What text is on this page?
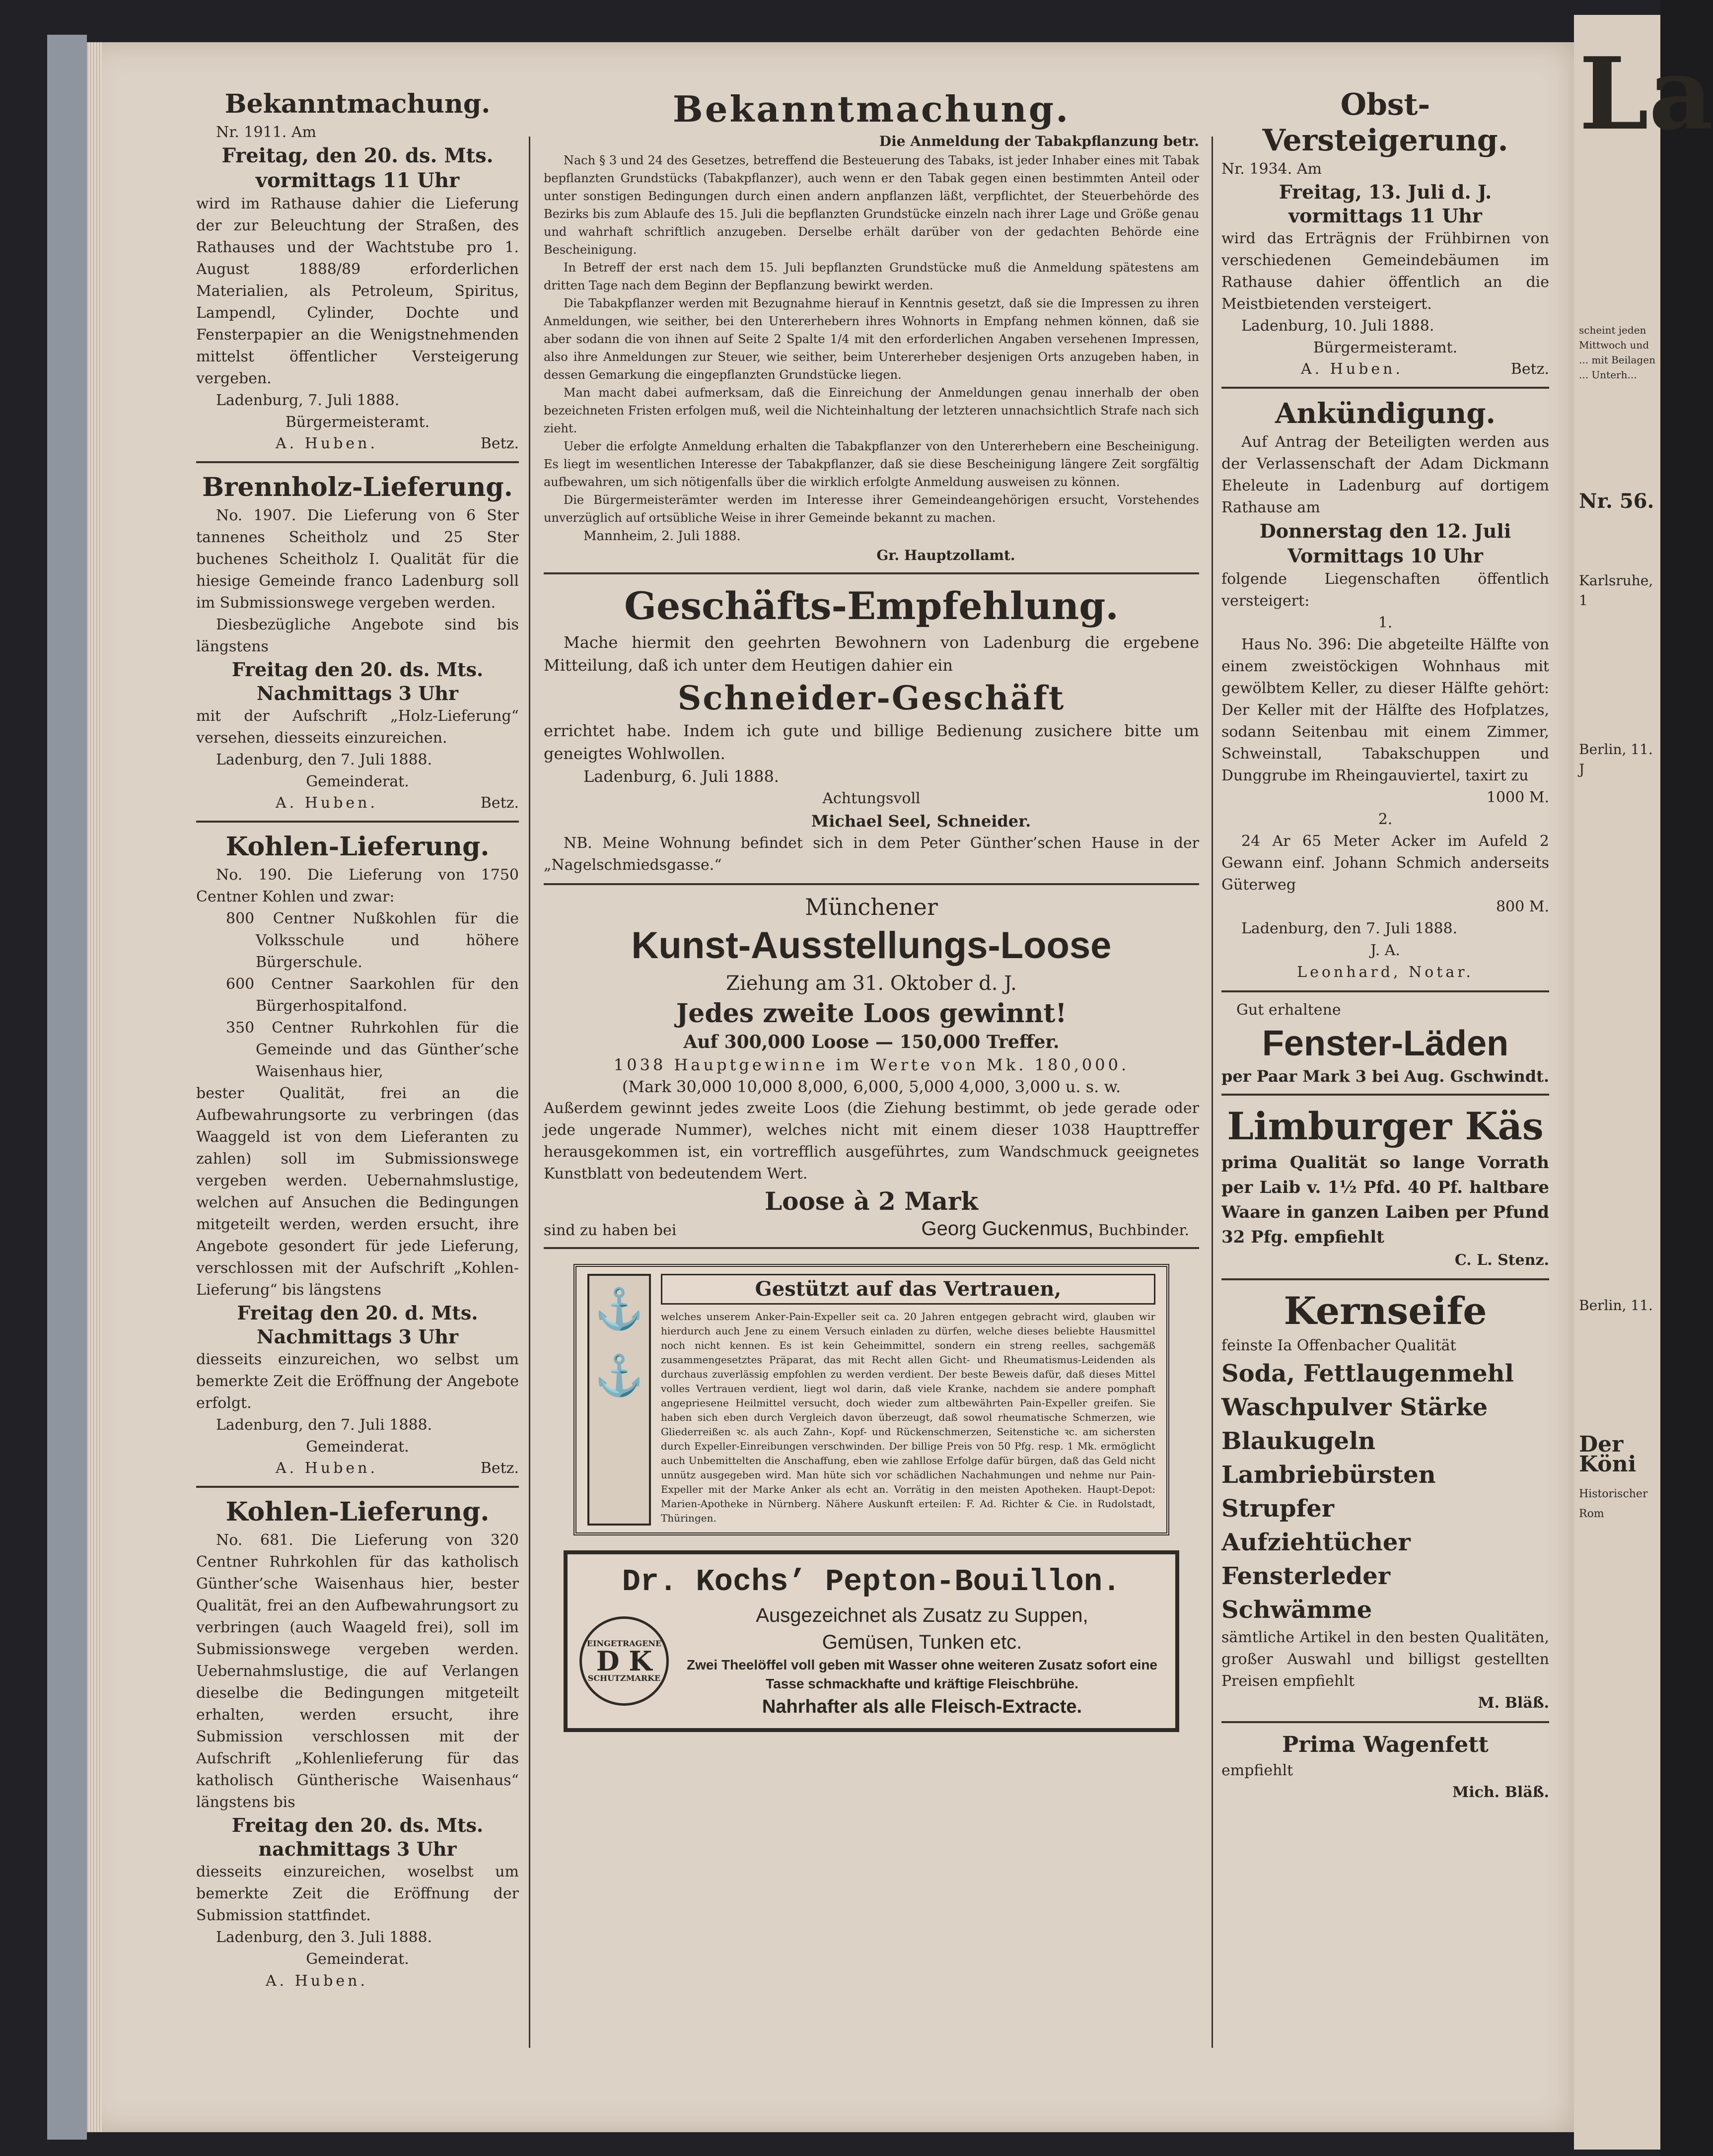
Bekanntmachung.
Nr. 1911. Am
Freitag, den 20. ds. Mts. vormittags 11 Uhr
wird im Rathause dahier die Lieferung der zur Beleuchtung der Straßen, des Rathauses und der Wachtstube pro 1. August 1888/89 erforderlichen Materialien, als Petroleum, Spiritus, Lampendl, Cylinder, Dochte und Fensterpapier an die Wenigstnehmenden mittelst öffentlicher Versteigerung vergeben.
Ladenburg, 7. Juli 1888.
Bürgermeisteramt.
A. Huben.	Betz.
Brennholz-Lieferung.
No. 1907. Die Lieferung von 6 Ster tannenes Scheitholz und 25 Ster buchenes Scheitholz I. Qualität für die hiesige Gemeinde franco Ladenburg soll im Submissionswege vergeben werden.
Diesbezügliche Angebote sind bis längstens
Freitag den 20. ds. Mts. Nachmittags 3 Uhr
mit der Aufschrift „Holz-Lieferung“ versehen, diesseits einzureichen.
Ladenburg, den 7. Juli 1888.
Gemeinderat.
A. Huben.	Betz.
Kohlen-Lieferung.
No. 190. Die Lieferung von 1750 Centner Kohlen und zwar:
800 Centner Nußkohlen für die Volksschule und höhere Bürgerschule.
600 Centner Saarkohlen für den Bürgerhospitalfond.
350 Centner Ruhrkohlen für die Gemeinde und das Günther’sche Waisenhaus hier,
bester Qualität, frei an die Aufbewahrungsorte zu verbringen (das Waaggeld ist von dem Lieferanten zu zahlen) soll im Submissionswege vergeben werden. Uebernahmslustige, welchen auf Ansuchen die Bedingungen mitgeteilt werden, werden ersucht, ihre Angebote gesondert für jede Lieferung, verschlossen mit der Aufschrift „Kohlen-Lieferung“ bis längstens
Freitag den 20. d. Mts. Nachmittags 3 Uhr
diesseits einzureichen, wo selbst um bemerkte Zeit die Eröffnung der Angebote erfolgt.
Ladenburg, den 7. Juli 1888.
Gemeinderat.
A. Huben.	Betz.
Kohlen-Lieferung.
No. 681. Die Lieferung von 320 Centner Ruhrkohlen für das katholisch Günther’sche Waisenhaus hier, bester Qualität, frei an den Aufbewahrungsort zu verbringen (auch Waageld frei), soll im Submissionswege vergeben werden. Uebernahmslustige, die auf Verlangen dieselbe die Bedingungen mitgeteilt erhalten, werden ersucht, ihre Submission verschlossen mit der Aufschrift „Kohlenlieferung für das katholisch Güntherische Waisenhaus“ längstens bis
Freitag den 20. ds. Mts. nachmittags 3 Uhr
diesseits einzureichen, woselbst um bemerkte Zeit die Eröffnung der Submission stattfindet.
Ladenburg, den 3. Juli 1888.
Gemeinderat.
A. Huben.
Bekanntmachung.
Die Anmeldung der Tabakpflanzung betr.
Nach § 3 und 24 des Gesetzes, betreffend die Besteuerung des Tabaks, ist jeder Inhaber eines mit Tabak bepflanzten Grundstücks (Tabakpflanzer), auch wenn er den Tabak gegen einen bestimmten Anteil oder unter sonstigen Bedingungen durch einen andern anpflanzen läßt, verpflichtet, der Steuerbehörde des Bezirks bis zum Ablaufe des 15. Juli die bepflanzten Grundstücke einzeln nach ihrer Lage und Größe genau und wahrhaft schriftlich anzugeben. Derselbe erhält darüber von der gedachten Behörde eine Bescheinigung.
In Betreff der erst nach dem 15. Juli bepflanzten Grundstücke muß die Anmeldung spätestens am dritten Tage nach dem Beginn der Bepflanzung bewirkt werden.
Die Tabakpflanzer werden mit Bezugnahme hierauf in Kenntnis gesetzt, daß sie die Impressen zu ihren Anmeldungen, wie seither, bei den Untererhebern ihres Wohnorts in Empfang nehmen können, daß sie aber sodann die von ihnen auf Seite 2 Spalte 1/4 mit den erforderlichen Angaben versehenen Impressen, also ihre Anmeldungen zur Steuer, wie seither, beim Untererheber desjenigen Orts anzugeben haben, in dessen Gemarkung die eingepflanzten Grundstücke liegen.
Man macht dabei aufmerksam, daß die Einreichung der Anmeldungen genau innerhalb der oben bezeichneten Fristen erfolgen muß, weil die Nichteinhaltung der letzteren unnachsichtlich Strafe nach sich zieht.
Ueber die erfolgte Anmeldung erhalten die Tabakpflanzer von den Untererhebern eine Bescheinigung. Es liegt im wesentlichen Interesse der Tabakpflanzer, daß sie diese Bescheinigung längere Zeit sorgfältig aufbewahren, um sich nötigenfalls über die wirklich erfolgte Anmeldung ausweisen zu können.
Die Bürgermeisterämter werden im Interesse ihrer Gemeindeangehörigen ersucht, Vorstehendes unverzüglich auf ortsübliche Weise in ihrer Gemeinde bekannt zu machen.
Mannheim, 2. Juli 1888.
Gr. Hauptzollamt.
Geschäfts-Empfehlung.
Mache hiermit den geehrten Bewohnern von Ladenburg die ergebene Mitteilung, daß ich unter dem Heutigen dahier ein
Schneider-Geschäft
errichtet habe. Indem ich gute und billige Bedienung zusichere bitte um geneigtes Wohlwollen.
Ladenburg, 6. Juli 1888.
Achtungsvoll
Michael Seel, Schneider.
NB. Meine Wohnung befindet sich in dem Peter Günther’schen Hause in der „Nagelschmiedsgasse.“
Münchener
Kunst-Ausstellungs-Loose
Ziehung am 31. Oktober d. J.
Jedes zweite Loos gewinnt!
Auf 300,000 Loose — 150,000 Treffer.
1038 Hauptgewinne im Werte von Mk. 180,000.
(Mark 30,000 10,000 8,000, 6,000, 5,000 4,000, 3,000 u. s. w.
Außerdem gewinnt jedes zweite Loos (die Ziehung bestimmt, ob jede gerade oder jede ungerade Nummer), welches nicht mit einem dieser 1038 Haupttreffer herausgekommen ist, ein vortrefflich ausgeführtes, zum Wandschmuck geeignetes Kunstblatt von bedeutendem Wert.
Loose à 2 Mark
sind zu haben bei	Georg Guckenmus, Buchbinder.
⚓
⚓
Gestützt auf das Vertrauen,
welches unserem Anker-Pain-Expeller seit ca. 20 Jahren entgegen gebracht wird, glauben wir hierdurch auch Jene zu einem Versuch einladen zu dürfen, welche dieses beliebte Hausmittel noch nicht kennen. Es ist kein Geheimmittel, sondern ein streng reelles, sachgemäß zusammengesetztes Präparat, das mit Recht allen Gicht- und Rheumatismus-Leidenden als durchaus zuverlässig empfohlen zu werden verdient. Der beste Beweis dafür, daß dieses Mittel volles Vertrauen verdient, liegt wol darin, daß viele Kranke, nachdem sie andere pomphaft angepriesene Heilmittel versucht, doch wieder zum altbewährten Pain-Expeller greifen. Sie haben sich eben durch Vergleich davon überzeugt, daß sowol rheumatische Schmerzen, wie Gliederreißen ꝛc. als auch Zahn-, Kopf- und Rückenschmerzen, Seitenstiche ꝛc. am sichersten durch Expeller-Einreibungen verschwinden. Der billige Preis von 50 Pfg. resp. 1 Mk. ermöglicht auch Unbemittelten die Anschaffung, eben wie zahllose Erfolge dafür bürgen, daß das Geld nicht unnütz ausgegeben wird. Man hüte sich vor schädlichen Nachahmungen und nehme nur Pain-Expeller mit der Marke Anker als echt an. Vorrätig in den meisten Apotheken. Haupt-Depot: Marien-Apotheke in Nürnberg. Nähere Auskunft erteilen: F. Ad. Richter & Cie. in Rudolstadt, Thüringen.
Dr. Kochs’ Pepton-Bouillon.
EINGETRAGENE
D K
SCHUTZMARKE
Ausgezeichnet als Zusatz zu Suppen,
Gemüsen, Tunken etc.
Zwei Theelöffel voll geben mit Wasser ohne weiteren Zusatz sofort eine Tasse schmackhafte und kräftige Fleischbrühe.
Nahrhafter als alle Fleisch-Extracte.
Obst-
Versteigerung.
Nr. 1934. Am
Freitag, 13. Juli d. J. vormittags 11 Uhr
wird das Erträgnis der Frühbirnen von verschiedenen Gemeindebäumen im Rathause dahier öffentlich an die Meistbietenden versteigert.
Ladenburg, 10. Juli 1888.
Bürgermeisteramt.
A. Huben.	Betz.
Ankündigung.
Auf Antrag der Beteiligten werden aus der Verlassenschaft der Adam Dickmann Eheleute in Ladenburg auf dortigem Rathause am
Donnerstag den 12. Juli Vormittags 10 Uhr
folgende Liegenschaften öffentlich versteigert:
1.
Haus No. 396: Die abgeteilte Hälfte von einem zweistöckigen Wohnhaus mit gewölbtem Keller, zu dieser Hälfte gehört: Der Keller mit der Hälfte des Hofplatzes, sodann Seitenbau mit einem Zimmer, Schweinstall, Tabakschuppen und Dunggrube im Rheingauviertel, taxirt zu
1000 M.
2.
24 Ar 65 Meter Acker im Aufeld 2 Gewann einf. Johann Schmich anderseits Güterweg
800 M.
Ladenburg, den 7. Juli 1888.
J. A.
Leonhard, Notar.
Gut erhaltene
Fenster-Läden
per Paar Mark 3 bei Aug. Gschwindt.
Limburger Käs
prima Qualität so lange Vorrath per Laib v. 1½ Pfd. 40 Pf. haltbare Waare in ganzen Laiben per Pfund 32 Pfg. empfiehlt
C. L. Stenz.
Kernseife
feinste Ia Offenbacher Qualität
Soda, Fettlaugenmehl
Waschpulver Stärke
Blaukugeln
Lambriebürsten
Strupfer
Aufziehtücher
Fensterleder
Schwämme
sämtliche Artikel in den besten Qualitäten, großer Auswahl und billigst gestellten Preisen empfiehlt
M. Bläß.
Prima Wagenfett
empfiehlt
Mich. Bläß.
La
scheint jeden Mittwoch und ... mit Beilagen ... Unterh...
Nr. 56.
Karlsruhe, 1
Berlin, 11. J
Berlin, 11.
Der Köni
Historischer Rom
